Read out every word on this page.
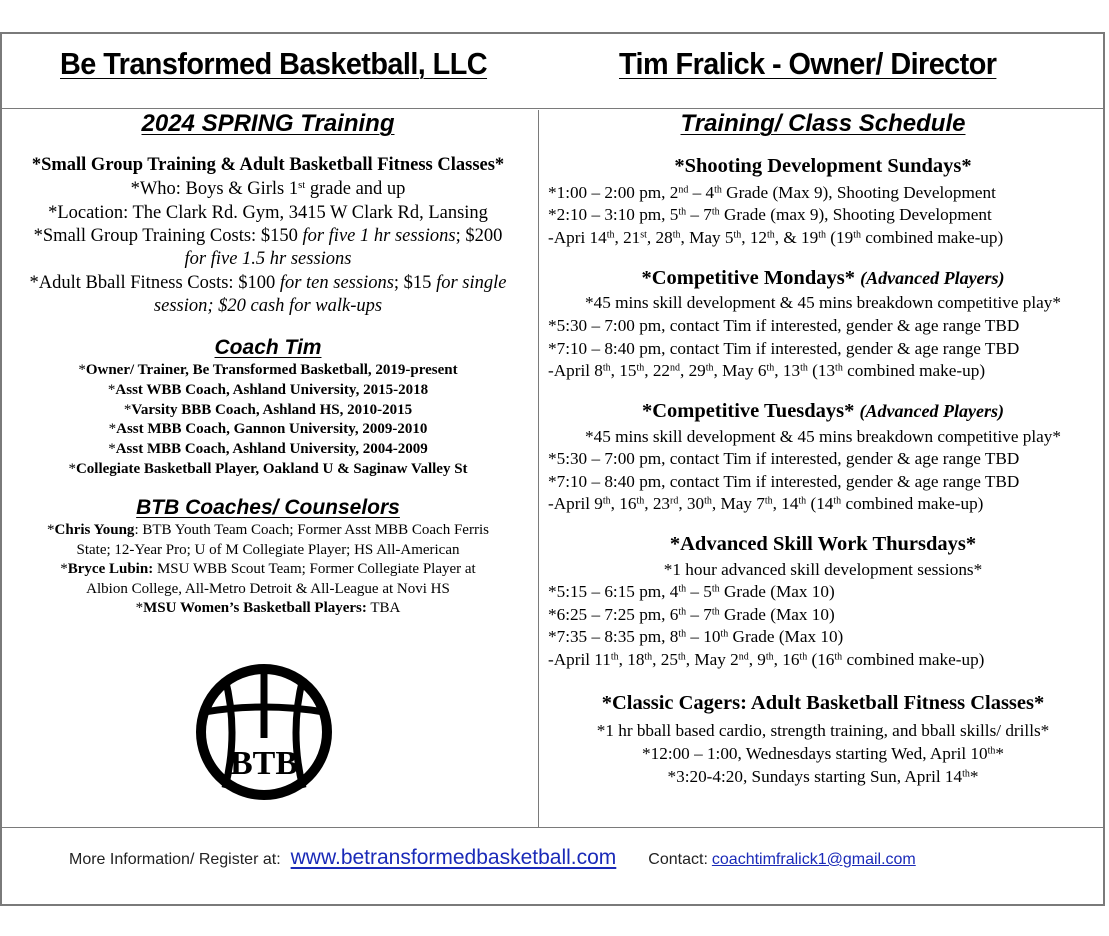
Be Transformed Basketball, LLC	Tim Fralick - Owner/ Director
2024 SPRING Training
*Small Group Training & Adult Basketball Fitness Classes*
*Who: Boys & Girls 1st grade and up
*Location: The Clark Rd. Gym, 3415 W Clark Rd, Lansing
*Small Group Training Costs: $150 for five 1 hr sessions; $200
for five 1.5 hr sessions
*Adult Bball Fitness Costs: $100 for ten sessions; $15 for single
session; $20 cash for walk-ups
Coach Tim
*Owner/ Trainer, Be Transformed Basketball, 2019-present
*Asst WBB Coach, Ashland University, 2015-2018
*Varsity BBB Coach, Ashland HS, 2010-2015
*Asst MBB Coach, Gannon University, 2009-2010
*Asst MBB Coach, Ashland University, 2004-2009
*Collegiate Basketball Player, Oakland U & Saginaw Valley St
BTB Coaches/ Counselors
*Chris Young: BTB Youth Team Coach; Former Asst MBB Coach Ferris
State; 12-Year Pro; U of M Collegiate Player; HS All-American
*Bryce Lubin: MSU WBB Scout Team; Former Collegiate Player at
Albion College, All-Metro Detroit & All-League at Novi HS
*MSU Women’s Basketball Players: TBA
BTB
Training/ Class Schedule
*Shooting Development Sundays*
*1:00 – 2:00 pm, 2nd – 4th Grade (Max 9), Shooting Development
*2:10 – 3:10 pm, 5th – 7th Grade (max 9), Shooting Development
-Apri 14th, 21st, 28th, May 5th, 12th, & 19th (19th combined make-up)
*Competitive Mondays* (Advanced Players)
*45 mins skill development & 45 mins breakdown competitive play*
*5:30 – 7:00 pm, contact Tim if interested, gender & age range TBD
*7:10 – 8:40 pm, contact Tim if interested, gender & age range TBD
-April 8th, 15th, 22nd, 29th, May 6th, 13th (13th combined make-up)
*Competitive Tuesdays* (Advanced Players)
*45 mins skill development & 45 mins breakdown competitive play*
*5:30 – 7:00 pm, contact Tim if interested, gender & age range TBD
*7:10 – 8:40 pm, contact Tim if interested, gender & age range TBD
-April 9th, 16th, 23rd, 30th, May 7th, 14th (14th combined make-up)
*Advanced Skill Work Thursdays*
*1 hour advanced skill development sessions*
*5:15 – 6:15 pm, 4th – 5th Grade (Max 10)
*6:25 – 7:25 pm, 6th – 7th Grade (Max 10)
*7:35 – 8:35 pm, 8th – 10th Grade (Max 10)
-April 11th, 18th, 25th, May 2nd, 9th, 16th (16th combined make-up)
*Classic Cagers: Adult Basketball Fitness Classes*
*1 hr bball based cardio, strength training, and bball skills/ drills*
*12:00 – 1:00, Wednesdays starting Wed, April 10th*
*3:20-4:20, Sundays starting Sun, April 14th*
More Information/ Register at: www.betransformedbasketball.com Contact: coachtimfralick1@gmail.com
